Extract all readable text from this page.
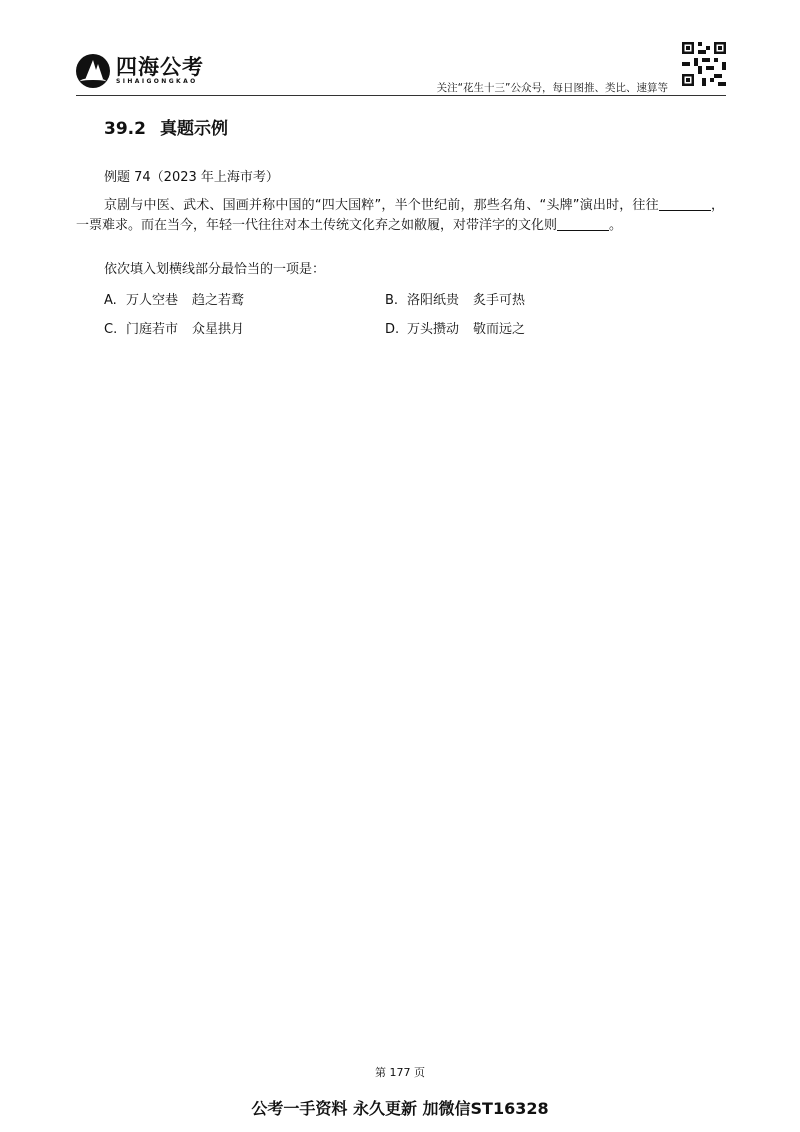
四海公考
SIHAIGONGKAO
关注“花生十三”公众号，每日图推、类比、速算等
39.2 真题示例
例题 74（2023 年上海市考）
京剧与中医、武术、国画并称中国的“四大国粹”，半个世纪前，那些名角、“头牌”演出时，往往	，一票难求。而在当今，年轻一代往往对本土传统文化弃之如敝履，对带洋字的文化则	。
依次填入划横线部分最恰当的一项是：
A. 万人空巷 趋之若鹜	B. 洛阳纸贵 炙手可热
C. 门庭若市 众星拱月	D. 万头攒动 敬而远之
第 177 页
公考一手资料 永久更新 加微信ST16328
